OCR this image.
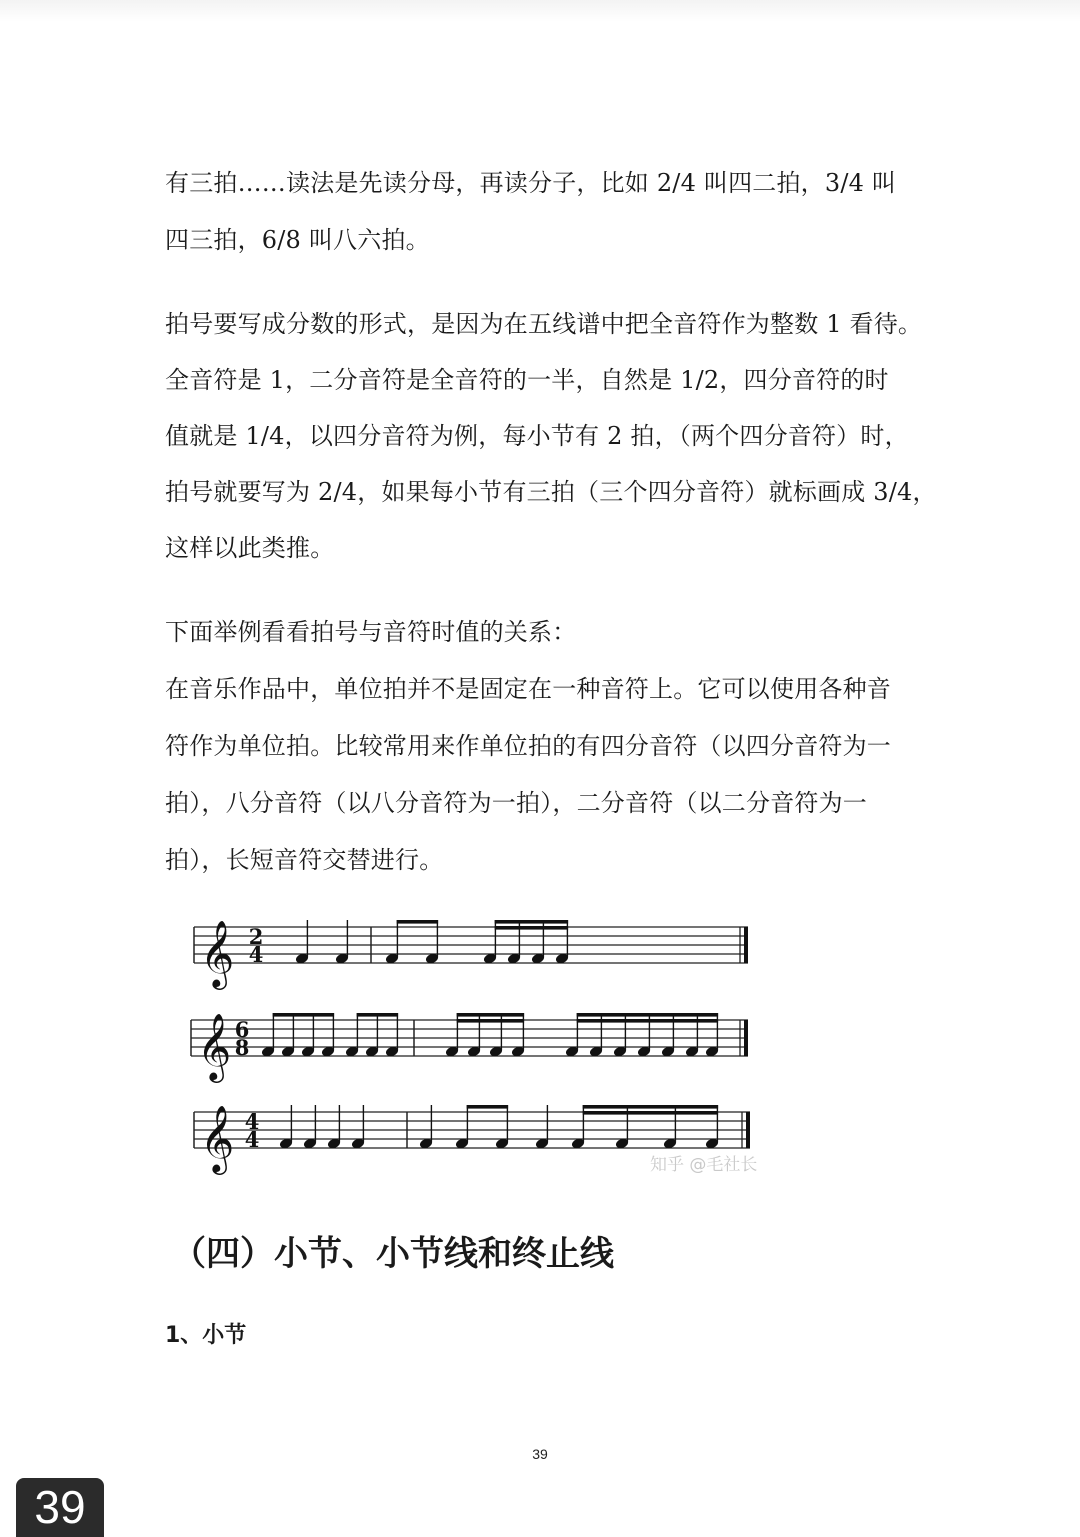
有三拍……读法是先读分母，再读分子，比如 2/4 叫四二拍，3/4 叫
四三拍，6/8 叫八六拍。
拍号要写成分数的形式，是因为在五线谱中把全音符作为整数 1 看待。
全音符是 1，二分音符是全音符的一半，自然是 1/2，四分音符的时
值就是 1/4，以四分音符为例，每小节有 2 拍，（两个四分音符）时，
拍号就要写为 2/4，如果每小节有三拍（三个四分音符）就标画成 3/4，
这样以此类推。
下面举例看看拍号与音符时值的关系：
在音乐作品中，单位拍并不是固定在一种音符上。它可以使用各种音
符作为单位拍。比较常用来作单位拍的有四分音符（以四分音符为一
拍），八分音符（以八分音符为一拍），二分音符（以二分音符为一
拍），长短音符交替进行。
𝄞 2
4
𝄞 6
8
𝄞 4
4
知乎 @毛社长
（四）小节、小节线和终止线
1、小节
39
39
